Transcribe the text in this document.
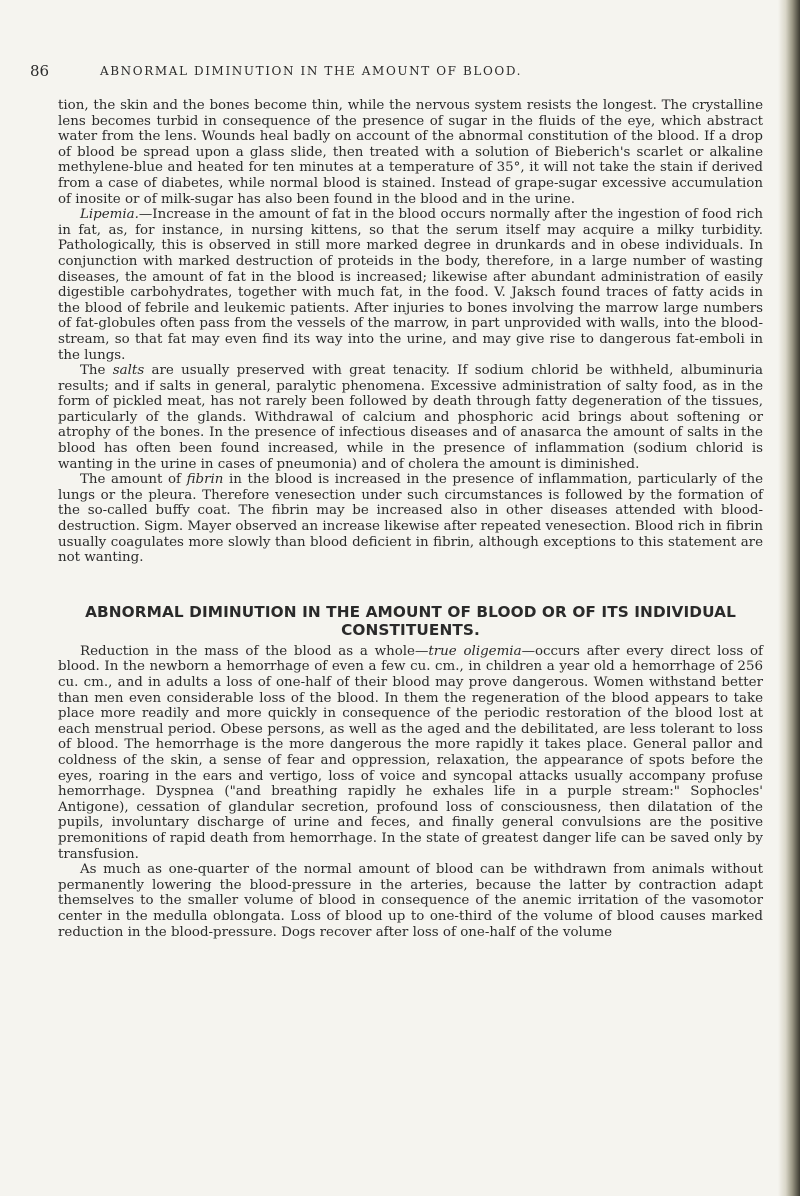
86	ABNORMAL DIMINUTION IN THE AMOUNT OF BLOOD.

tion, the skin and the bones become thin, while the nervous system resists the longest. The crystalline lens becomes turbid in consequence of the presence of sugar in the fluids of the eye, which abstract water from the lens. Wounds heal badly on account of the abnormal constitution of the blood. If a drop of blood be spread upon a glass slide, then treated with a solution of Bieberich's scarlet or alkaline methylene-blue and heated for ten minutes at a temperature of 35°, it will not take the stain if derived from a case of diabetes, while normal blood is stained. Instead of grape-sugar excessive accumulation of inosite or of milk-sugar has also been found in the blood and in the urine.

Lipemia.—Increase in the amount of fat in the blood occurs normally after the ingestion of food rich in fat, as, for instance, in nursing kittens, so that the serum itself may acquire a milky turbidity. Pathologically, this is observed in still more marked degree in drunkards and in obese individuals. In conjunction with marked destruction of proteids in the body, therefore, in a large number of wasting diseases, the amount of fat in the blood is increased; likewise after abundant administration of easily digestible carbohydrates, together with much fat, in the food. V. Jaksch found traces of fatty acids in the blood of febrile and leukemic patients. After injuries to bones involving the marrow large numbers of fat-globules often pass from the vessels of the marrow, in part unprovided with walls, into the blood-stream, so that fat may even find its way into the urine, and may give rise to dangerous fat-emboli in the lungs.

The salts are usually preserved with great tenacity. If sodium chlorid be withheld, albuminuria results; and if salts in general, paralytic phenomena. Excessive administration of salty food, as in the form of pickled meat, has not rarely been followed by death through fatty degeneration of the tissues, particularly of the glands. Withdrawal of calcium and phosphoric acid brings about softening or atrophy of the bones. In the presence of infectious diseases and of anasarca the amount of salts in the blood has often been found increased, while in the presence of inflammation (sodium chlorid is wanting in the urine in cases of pneumonia) and of cholera the amount is diminished.

The amount of fibrin in the blood is increased in the presence of inflammation, particularly of the lungs or the pleura. Therefore venesection under such circumstances is followed by the formation of the so-called buffy coat. The fibrin may be increased also in other diseases attended with blood-destruction. Sigm. Mayer observed an increase likewise after repeated venesection. Blood rich in fibrin usually coagulates more slowly than blood deficient in fibrin, although exceptions to this statement are not wanting.

ABNORMAL DIMINUTION IN THE AMOUNT OF BLOOD OR OF ITS INDIVIDUAL CONSTITUENTS.

Reduction in the mass of the blood as a whole—true oligemia—occurs after every direct loss of blood. In the newborn a hemorrhage of even a few cu. cm., in children a year old a hemorrhage of 256 cu. cm., and in adults a loss of one-half of their blood may prove dangerous. Women withstand better than men even considerable loss of the blood. In them the regeneration of the blood appears to take place more readily and more quickly in consequence of the periodic restoration of the blood lost at each menstrual period. Obese persons, as well as the aged and the debilitated, are less tolerant to loss of blood. The hemorrhage is the more dangerous the more rapidly it takes place. General pallor and coldness of the skin, a sense of fear and oppression, relaxation, the appearance of spots before the eyes, roaring in the ears and vertigo, loss of voice and syncopal attacks usually accompany profuse hemorrhage. Dyspnea ("and breathing rapidly he exhales life in a purple stream:" Sophocles' Antigone), cessation of glandular secretion, profound loss of consciousness, then dilatation of the pupils, involuntary discharge of urine and feces, and finally general convulsions are the positive premonitions of rapid death from hemorrhage. In the state of greatest danger life can be saved only by transfusion.

As much as one-quarter of the normal amount of blood can be withdrawn from animals without permanently lowering the blood-pressure in the arteries, because the latter by contraction adapt themselves to the smaller volume of blood in consequence of the anemic irritation of the vasomotor center in the medulla oblongata. Loss of blood up to one-third of the volume of blood causes marked reduction in the blood-pressure. Dogs recover after loss of one-half of the volume
